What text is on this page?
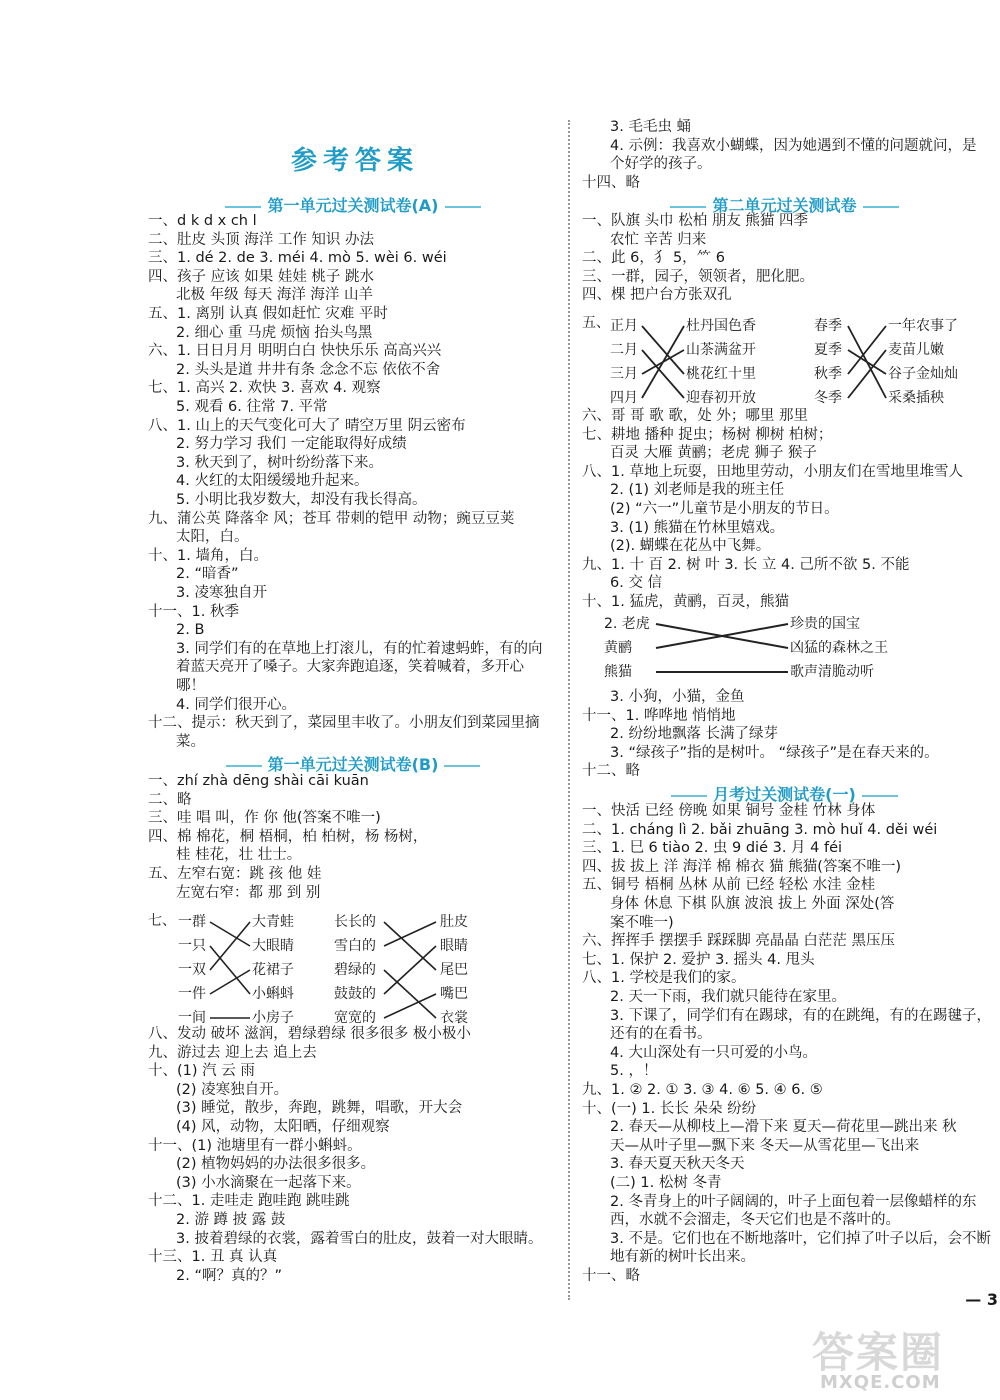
参考答案
第一单元过关测试卷(A)
一、d k d x ch l
二、肚皮 头顶 海洋 工作 知识 办法
三、1. dé 2. de 3. méi 4. mò 5. wèi 6. wéi
四、孩子 应该 如果 娃娃 桃子 跳水
北极 年级 每天 海洋 海洋 山羊
五、1. 离别 认真 假如赶忙 灾难 平时
2. 细心 重 马虎 烦恼 抬头鸟黑
六、1. 日日月月 明明白白 快快乐乐 高高兴兴
2. 头头是道 井井有条 念念不忘 依依不舍
七、1. 高兴 2. 欢快 3. 喜欢 4. 观察
5. 观看 6. 往常 7. 平常
八、1. 山上的天气变化可大了 晴空万里 阴云密布
2. 努力学习 我们 一定能取得好成绩
3. 秋天到了，树叶纷纷落下来。
4. 火红的太阳缓缓地升起来。
5. 小明比我岁数大，却没有我长得高。
九、蒲公英 降落伞 风；苍耳 带刺的铠甲 动物；豌豆豆荚
太阳，白。
十、1. 墙角，白。
2. “暗香”
3. 凌寒独自开
十一、1. 秋季
2. B
3. 同学们有的在草地上打滚儿，有的忙着逮蚂蚱，有的向
着蓝天亮开了嗓子。大家奔跑追逐，笑着喊着，多开心
哪！
4. 同学们很开心。
十二、提示：秋天到了，菜园里丰收了。小朋友们到菜园里摘
菜。
第一单元过关测试卷(B)
一、zhí zhà dēng shài cāi kuān
二、略
三、哇 唱 叫，作 你 他(答案不唯一)
四、棉 棉花，桐 梧桐，柏 柏树，杨 杨树，
桂 桂花，壮 壮士。
五、左窄右宽：跳 孩 他 娃
左宽右窄：都 那 到 别
七、 一群
一只
一双
一件
一间
大青蛙
大眼睛
花裙子
小蝌蚪
小房子
长长的
雪白的
碧绿的
鼓鼓的
宽宽的
肚皮
眼睛
尾巴
嘴巴
衣裳
八、发动 破坏 滋润，碧绿碧绿 很多很多 极小极小
九、游过去 迎上去 追上去
十、(1) 汽 云 雨
(2) 凌寒独自开。
(3) 睡觉，散步，奔跑，跳舞，唱歌，开大会
(4) 风，动物，太阳晒，仔细观察
十一、(1) 池塘里有一群小蝌蚪。
(2) 植物妈妈的办法很多很多。
(3) 小水滴聚在一起落下来。
十二、1. 走哇走 跑哇跑 跳哇跳
2. 游 蹲 披 露 鼓
3. 披着碧绿的衣裳，露着雪白的肚皮，鼓着一对大眼睛。
十三、1. 丑 真 认真
2. “啊？真的？”
3. 毛毛虫 蛹
4. 示例：我喜欢小蝴蝶，因为她遇到不懂的问题就问，是
个好学的孩子。
十四、略
第二单元过关测试卷
一、队旗 头巾 松柏 朋友 熊猫 四季
农忙 辛苦 归来
二、此 6，犭 5，⺮ 6
三、一群，园子，领领者，肥化肥。
四、棵 把户台方张双孔
五、 正月
二月
三月
四月
杜丹国色香
山茶满盆开
桃花红十里
迎春初开放
春季
夏季
秋季
冬季
一年农事了
麦苗儿嫩
谷子金灿灿
采桑插秧
六、哥 哥 歌 歌，处 外；哪里 那里
七、耕地 播种 捉虫；杨树 柳树 柏树；
百灵 大雁 黄鹂；老虎 狮子 猴子
八、1. 草地上玩耍，田地里劳动，小朋友们在雪地里堆雪人
2. (1) 刘老师是我的班主任
(2) “六一”儿童节是小朋友的节日。
3. (1) 熊猫在竹林里嬉戏。
(2). 蝴蝶在花丛中飞舞。
九、1. 十 百 2. 树 叶 3. 长 立 4. 己所不欲 5. 不能
6. 交 信
十、1. 猛虎，黄鹂，百灵，熊猫
2. 老虎
黄鹂
熊猫
珍贵的国宝
凶猛的森林之王
歌声清脆动听
3. 小狗，小猫，金鱼
十一、1. 哗哗地 悄悄地
2. 纷纷地飘落 长满了绿芽
3. “绿孩子”指的是树叶。 “绿孩子”是在春天来的。
十二、略
月考过关测试卷(一)
一、快活 已经 傍晚 如果 铜号 金桂 竹林 身体
二、1. cháng lì 2. bǎi zhuāng 3. mò huǐ 4. děi wéi
三、1. 巳 6 tiào 2. 虫 9 dié 3. 月 4 féi
四、拔 拔上 洋 海洋 棉 棉衣 猫 熊猫(答案不唯一)
五、铜号 梧桐 丛林 从前 已经 轻松 水洼 金桂
身体 休息 下棋 队旗 波浪 拔上 外面 深处(答
案不唯一)
六、挥挥手 摆摆手 踩踩脚 亮晶晶 白茫茫 黑压压
七、1. 保护 2. 爱护 3. 摇头 4. 甩头
八、1. 学校是我们的家。
2. 天一下雨，我们就只能待在家里。
3. 下课了，同学们有在踢球，有的在跳绳，有的在踢毽子，
还有的在看书。
4. 大山深处有一只可爱的小鸟。
5. ，！
九、1. ② 2. ① 3. ③ 4. ⑥ 5. ④ 6. ⑤
十、(一) 1. 长长 朵朵 纷纷
2. 春天—从柳枝上—滑下来 夏天—荷花里—跳出来 秋
天—从叶子里—飘下来 冬天—从雪花里—飞出来
3. 春天夏天秋天冬天
(二) 1. 松树 冬青
2. 冬青身上的叶子阔阔的，叶子上面包着一层像蜡样的东
西，水就不会溜走，冬天它们也是不落叶的。
3. 不是。它们也在不断地落叶，它们掉了叶子以后，会不断
地有新的树叶长出来。
十一、略
— 3
答案圈
MXQE.COM
